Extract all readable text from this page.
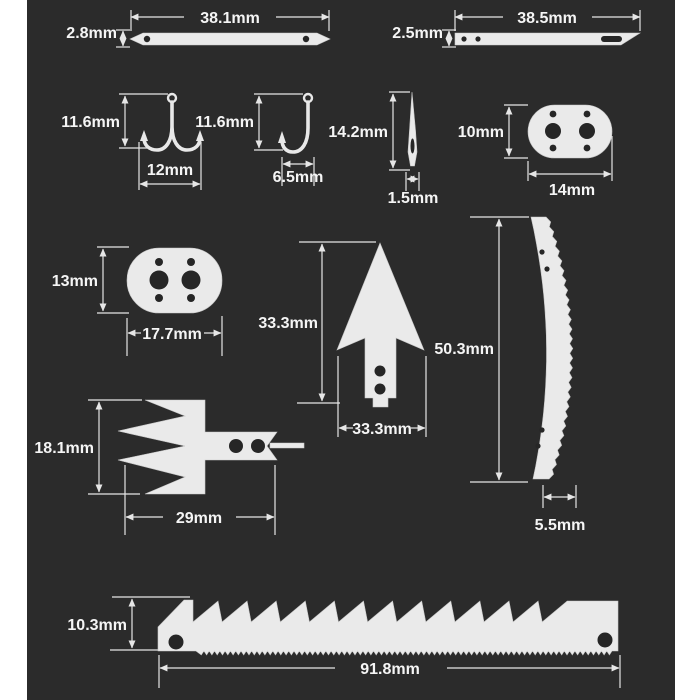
38.1mm
2.8mm
38.5mm
2.5mm
11.6mm
12mm
11.6mm
6.5mm
14.2mm
1.5mm
10mm
14mm
13mm
17.7mm
33.3mm
33.3mm
50.3mm
5.5mm
18.1mm
29mm
10.3mm
91.8mm
